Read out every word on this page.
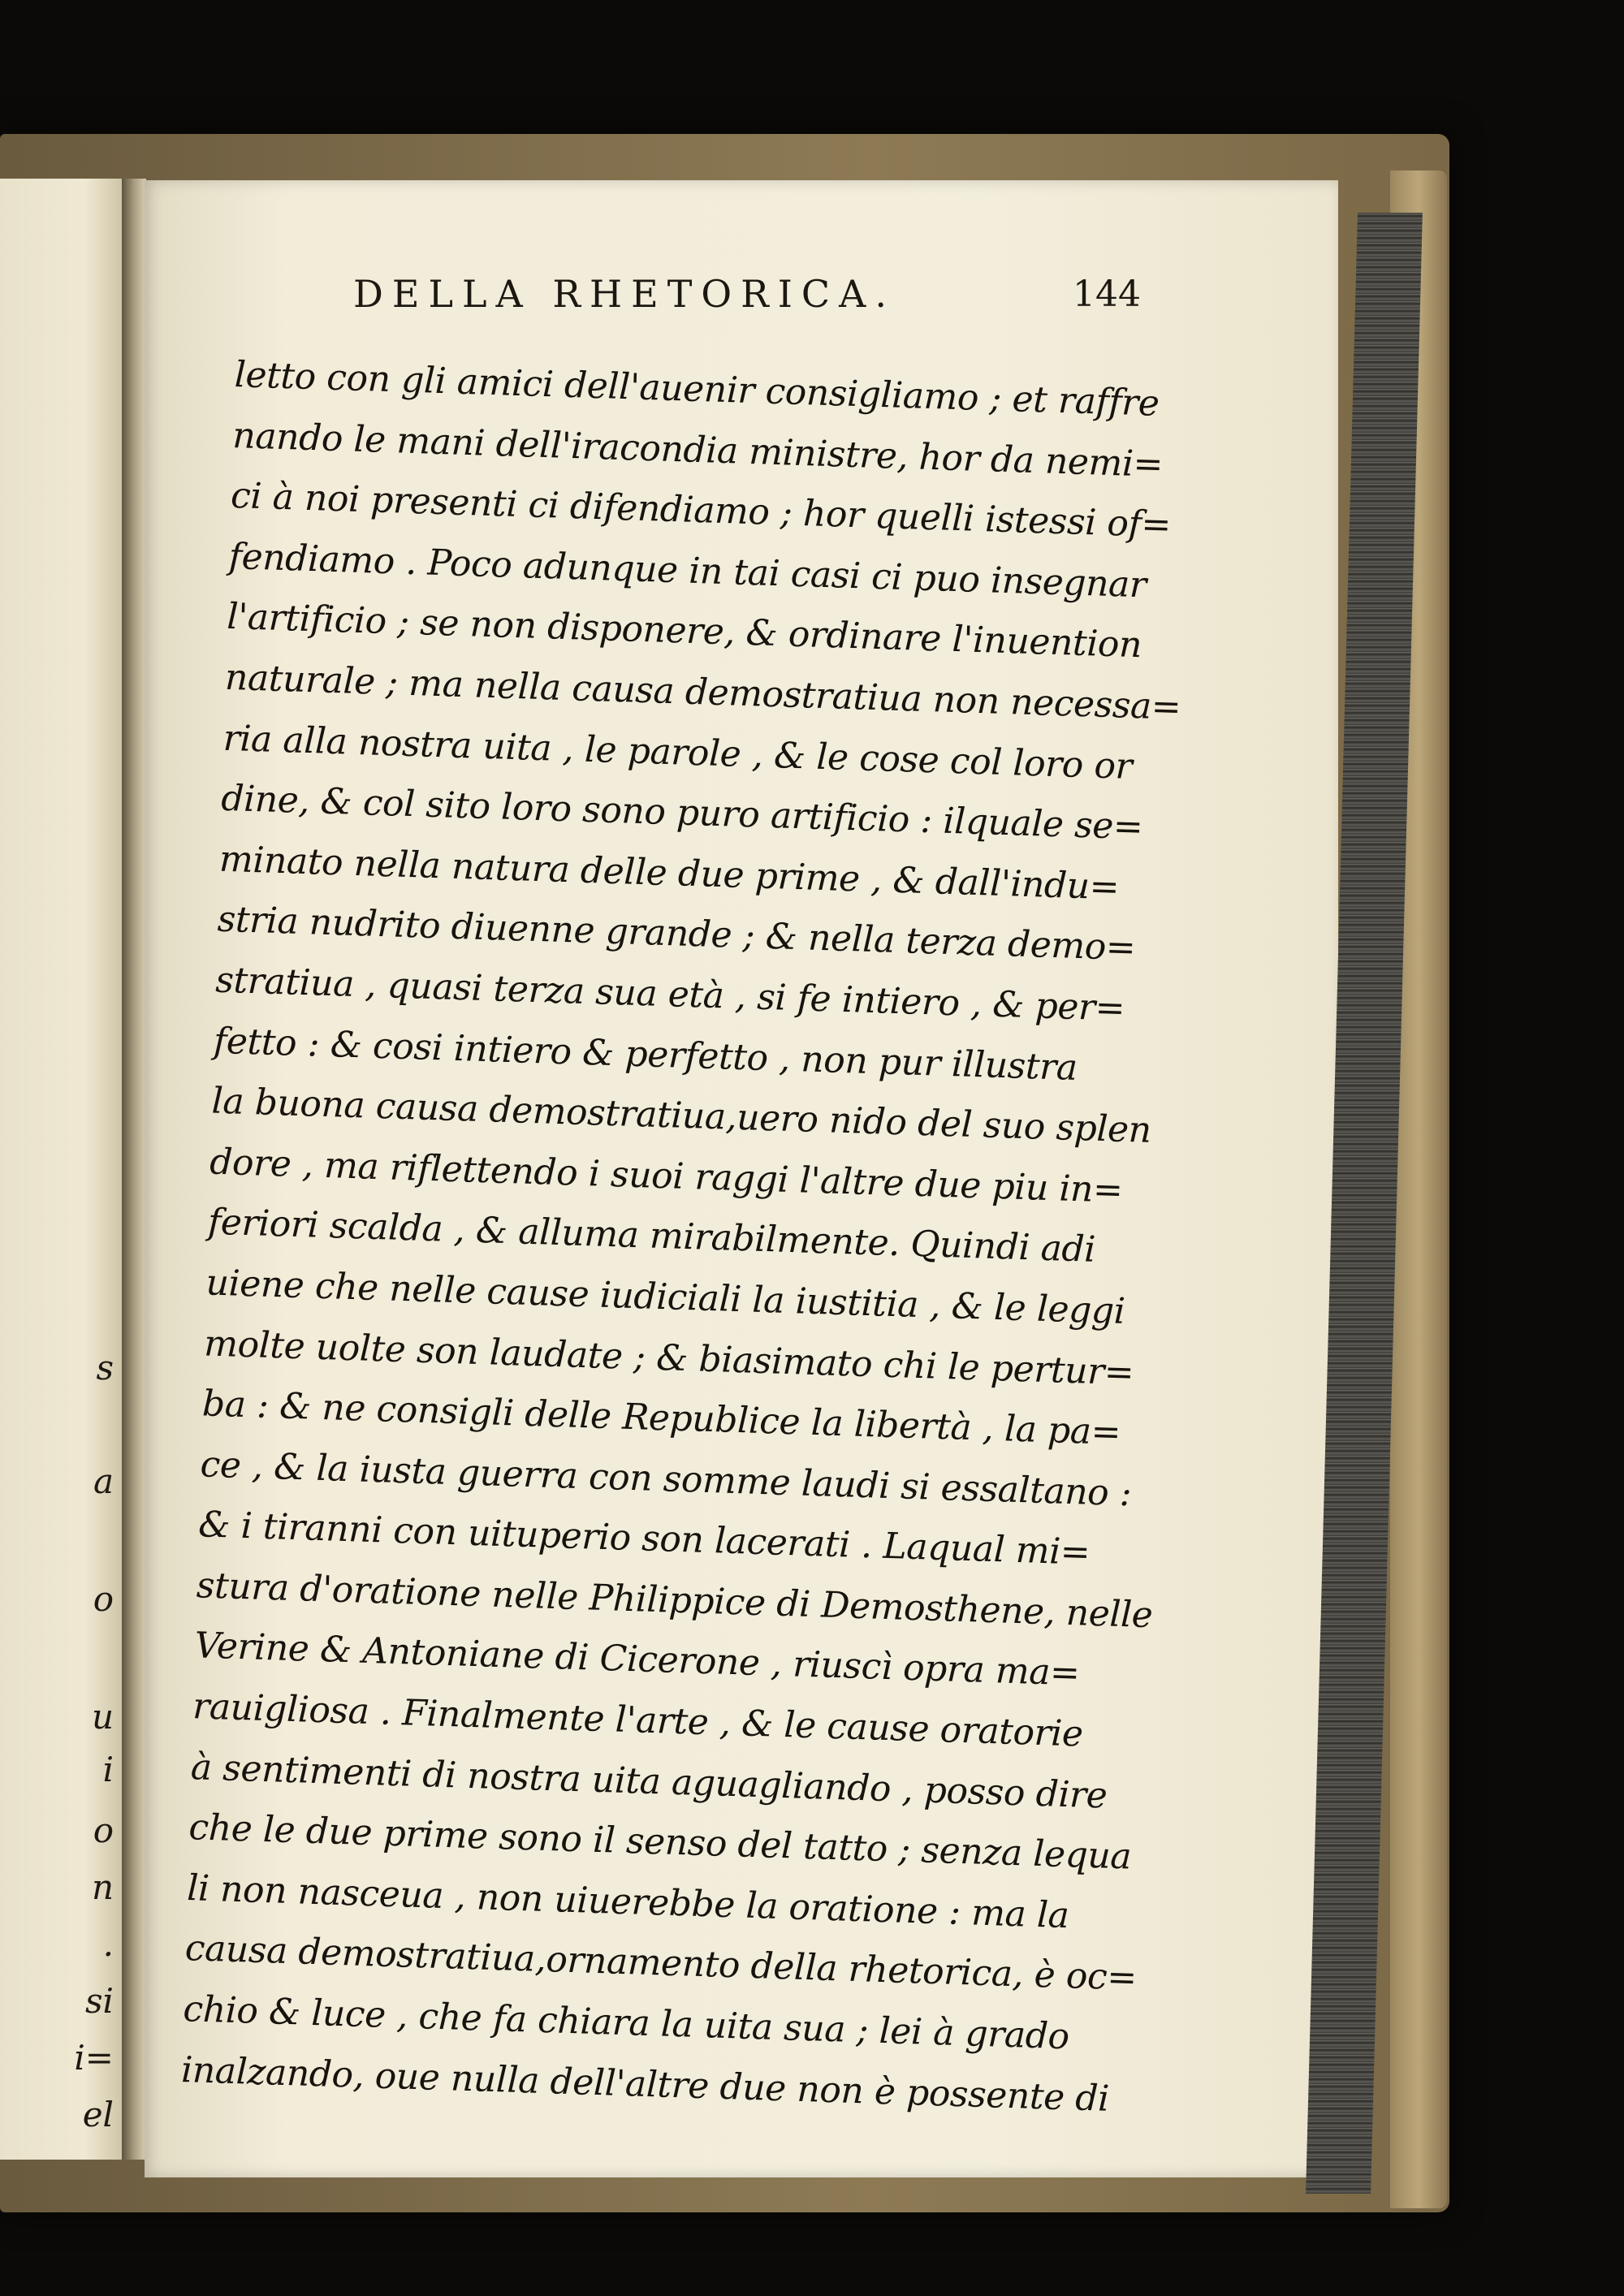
s
a
o
u
i
o
n
.
si
i=
el
DELLA RHETORICA.	144
letto con gli amici dell'auenir consigliamo ; et raffre
nando le mani dell'iracondia ministre, hor da nemi=
ci à noi presenti ci difendiamo ; hor quelli istessi of=
fendiamo . Poco adunque in tai casi ci puo insegnar
l'artificio ; se non disponere, & ordinare l'inuention
naturale ; ma nella causa demostratiua non necessa=
ria alla nostra uita , le parole , & le cose col loro or
dine, & col sito loro sono puro artificio : ilquale se=
minato nella natura delle due prime , & dall'indu=
stria nudrito diuenne grande ; & nella terza demo=
stratiua , quasi terza sua età , si fe intiero , & per=
fetto : & cosi intiero & perfetto , non pur illustra
la buona causa demostratiua,uero nido del suo splen
dore , ma riflettendo i suoi raggi l'altre due piu in=
feriori scalda , & alluma mirabilmente. Quindi adi
uiene che nelle cause iudiciali la iustitia , & le leggi
molte uolte son laudate ; & biasimato chi le pertur=
ba : & ne consigli delle Republice la libertà , la pa=
ce , & la iusta guerra con somme laudi si essaltano :
& i tiranni con uituperio son lacerati . Laqual mi=
stura d'oratione nelle Philippice di Demosthene, nelle
Verine & Antoniane di Cicerone , riuscì opra ma=
rauigliosa . Finalmente l'arte , & le cause oratorie
à sentimenti di nostra uita aguagliando , posso dire
che le due prime sono il senso del tatto ; senza lequa
li non nasceua , non uiuerebbe la oratione : ma la
causa demostratiua,ornamento della rhetorica, è oc=
chio & luce , che fa chiara la uita sua ; lei à grado
inalzando, oue nulla dell'altre due non è possente di
